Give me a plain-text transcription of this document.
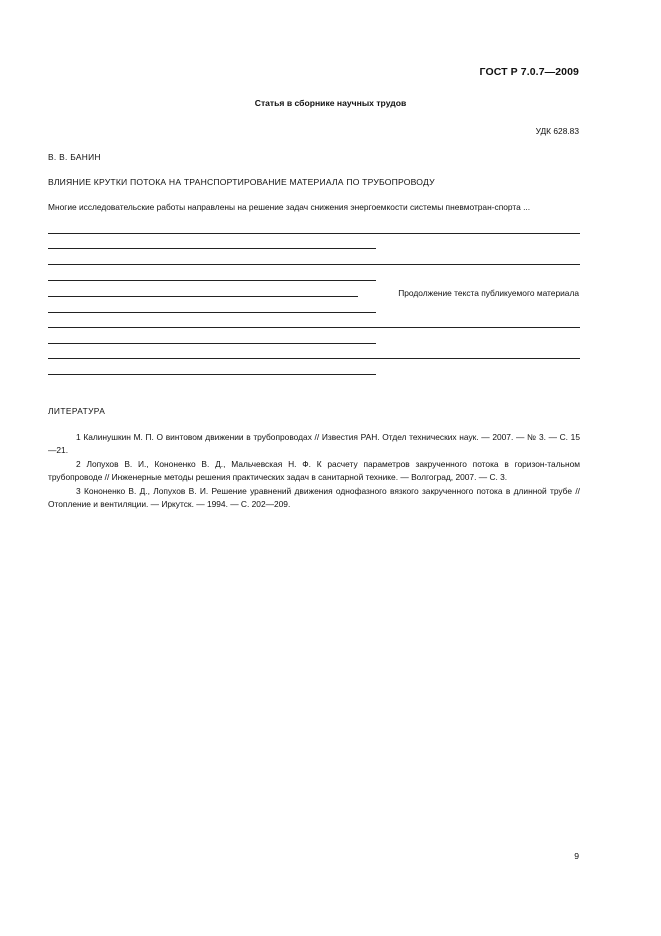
ГОСТ Р 7.0.7—2009
Статья в сборнике научных трудов
УДК 628.83
В. В. БАНИН
ВЛИЯНИЕ КРУТКИ ПОТОКА НА ТРАНСПОРТИРОВАНИЕ МАТЕРИАЛА ПО ТРУБОПРОВОДУ
Многие исследовательские работы направлены на решение задач снижения энергоемкости системы пневмотран-спорта ...
Продолжение текста публикуемого материала
ЛИТЕРАТУРА

1 Калинушкин М. П. О винтовом движении в трубопроводах // Известия РАН. Отдел технических наук. — 2007. — № 3. — С. 15—21.

2 Лопухов В. И., Кононенко В. Д., Мальчевская Н. Ф. К расчету параметров закрученного потока в горизон-тальном трубопроводе // Инженерные методы решения практических задач в санитарной технике. — Волгоград, 2007. — С. 3.

3 Кононенко В. Д., Лопухов В. И. Решение уравнений движения однофазного вязкого закрученного потока в длинной трубе // Отопление и вентиляции. — Иркутск. — 1994. — С. 202—209.

9
